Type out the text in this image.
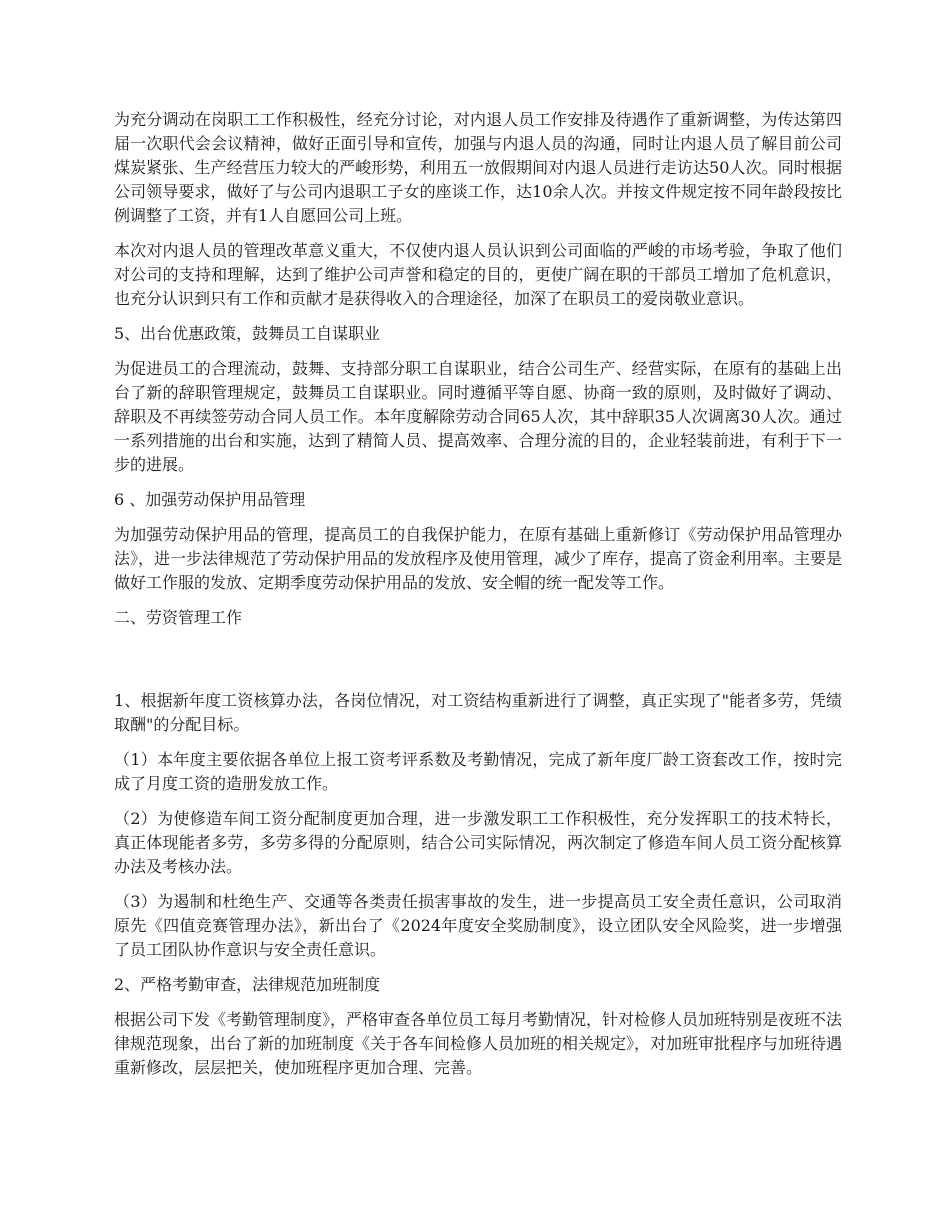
为充分调动在岗职工工作积极性，经充分讨论，对内退人员工作安排及待遇作了重新调整，为传达第四届一次职代会会议精神，做好正面引导和宣传，加强与内退人员的沟通，同时让内退人员了解目前公司煤炭紧张、生产经营压力较大的严峻形势，利用五一放假期间对内退人员进行走访达50人次。同时根据公司领导要求，做好了与公司内退职工子女的座谈工作，达10余人次。并按文件规定按不同年龄段按比例调整了工资，并有1人自愿回公司上班。

本次对内退人员的管理改革意义重大，不仅使内退人员认识到公司面临的严峻的市场考验，争取了他们对公司的支持和理解，达到了维护公司声誉和稳定的目的，更使广阔在职的干部员工增加了危机意识，也充分认识到只有工作和贡献才是获得收入的合理途径，加深了在职员工的爱岗敬业意识。

5、出台优惠政策，鼓舞员工自谋职业

为促进员工的合理流动，鼓舞、支持部分职工自谋职业，结合公司生产、经营实际，在原有的基础上出台了新的辞职管理规定，鼓舞员工自谋职业。同时遵循平等自愿、协商一致的原则，及时做好了调动、辞职及不再续签劳动合同人员工作。本年度解除劳动合同65人次，其中辞职35人次调离30人次。通过一系列措施的出台和实施，达到了精简人员、提高效率、合理分流的目的，企业轻装前进，有利于下一步的进展。

6 、加强劳动保护用品管理

为加强劳动保护用品的管理，提高员工的自我保护能力，在原有基础上重新修订《劳动保护用品管理办法》，进一步法律规范了劳动保护用品的发放程序及使用管理，减少了库存，提高了资金利用率。主要是做好工作服的发放、定期季度劳动保护用品的发放、安全帽的统一配发等工作。

二、劳资管理工作

1、根据新年度工资核算办法，各岗位情况，对工资结构重新进行了调整，真正实现了"能者多劳，凭绩取酬"的分配目标。

（1）本年度主要依据各单位上报工资考评系数及考勤情况，完成了新年度厂龄工资套改工作，按时完成了月度工资的造册发放工作。

（2）为使修造车间工资分配制度更加合理，进一步激发职工工作积极性，充分发挥职工的技术特长，真正体现能者多劳，多劳多得的分配原则，结合公司实际情况，两次制定了修造车间人员工资分配核算办法及考核办法。

（3）为遏制和杜绝生产、交通等各类责任损害事故的发生，进一步提高员工安全责任意识，公司取消原先《四值竞赛管理办法》，新出台了《2024年度安全奖励制度》，设立团队安全风险奖，进一步增强了员工团队协作意识与安全责任意识。

2、严格考勤审查，法律规范加班制度

根据公司下发《考勤管理制度》，严格审查各单位员工每月考勤情况，针对检修人员加班特别是夜班不法律规范现象，出台了新的加班制度《关于各车间检修人员加班的相关规定》，对加班审批程序与加班待遇重新修改，层层把关，使加班程序更加合理、完善。
